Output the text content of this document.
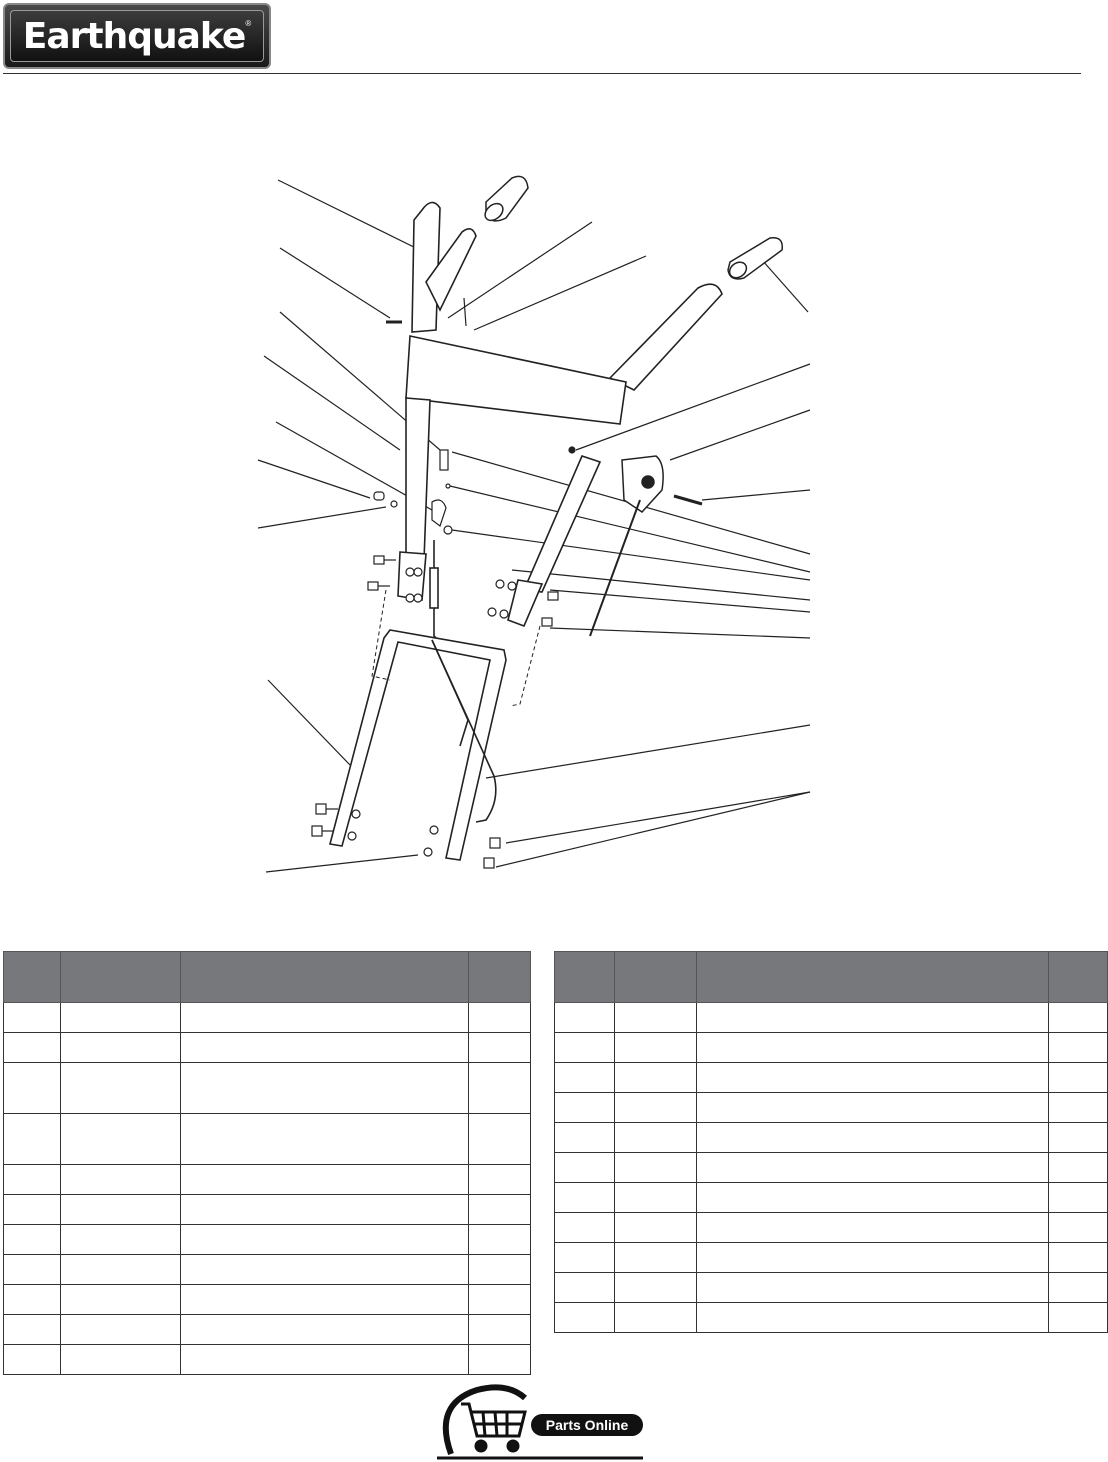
Earthquake ®

Parts Online
